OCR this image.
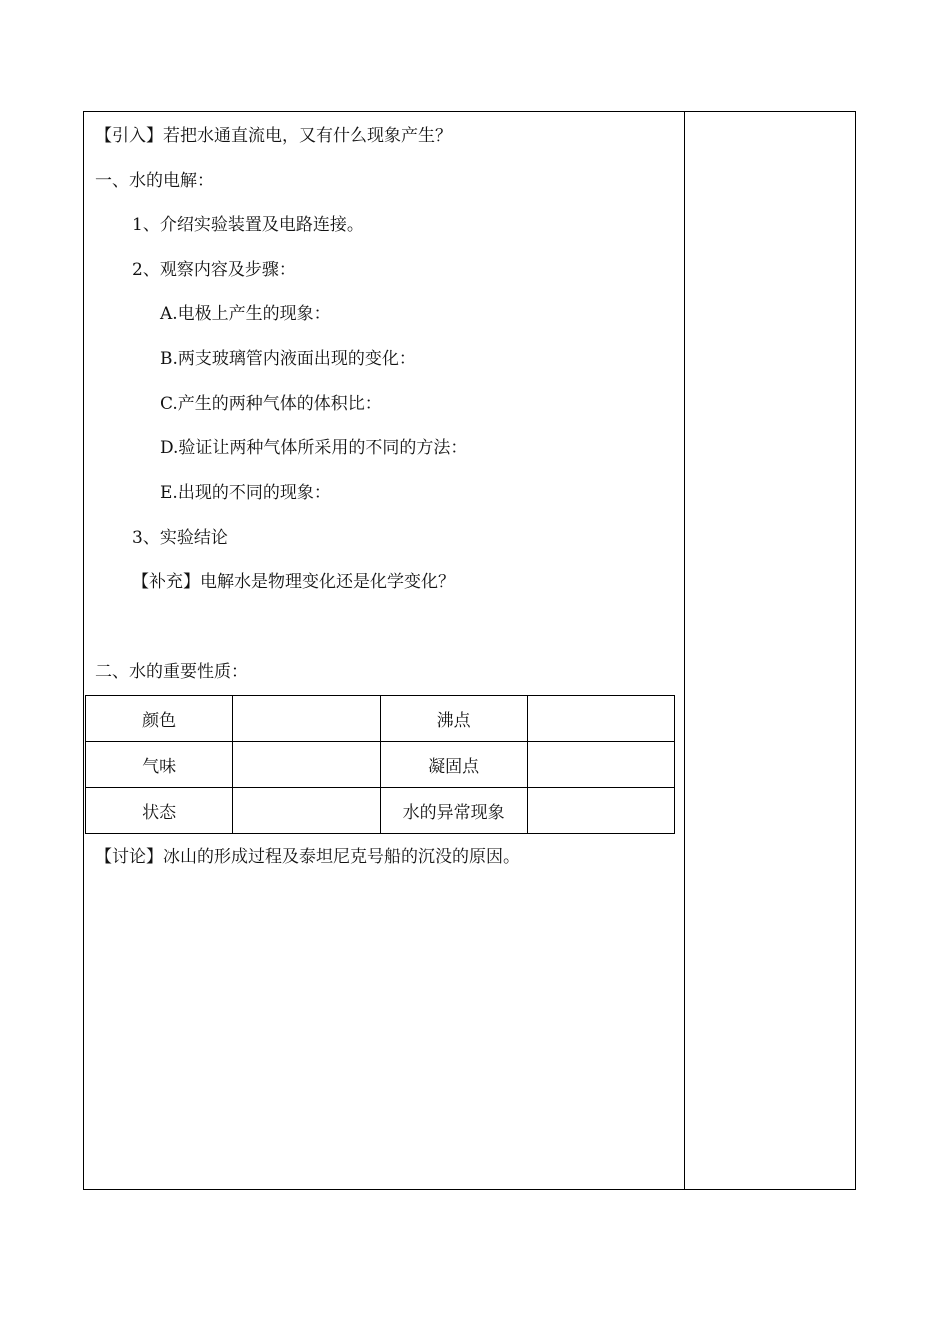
【引入】若把水通直流电，又有什么现象产生？
一、水的电解：
1、介绍实验装置及电路连接。
2、观察内容及步骤：
A.电极上产生的现象：
B.两支玻璃管内液面出现的变化：
C.产生的两种气体的体积比：
D.验证让两种气体所采用的不同的方法：
E.出现的不同的现象：
3、实验结论
【补充】电解水是物理变化还是化学变化？
二、水的重要性质：
颜色		沸点	
气味		凝固点	
状态		水的异常现象	
【讨论】冰山的形成过程及泰坦尼克号船的沉没的原因。
